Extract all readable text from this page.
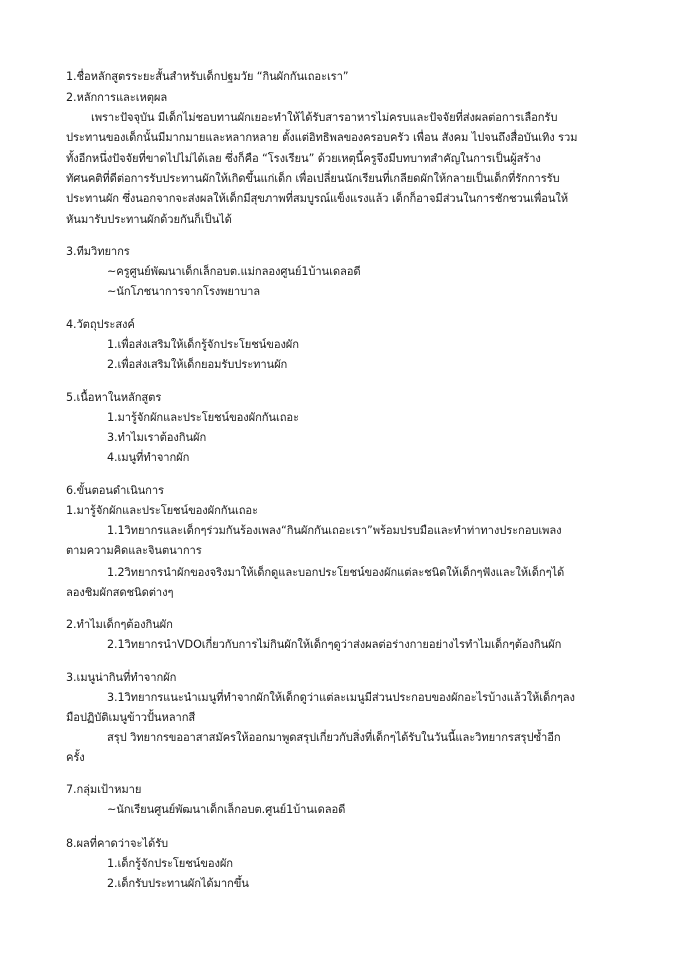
1.ชื่อหลักสูตรระยะสั้นสำหรับเด็กปฐมวัย “กินผักกันเถอะเรา”
2.หลักการและเหตุผล
เพราะปัจจุบัน มีเด็กไม่ชอบทานผักเยอะทำให้ได้รับสารอาหารไม่ครบและปัจจัยที่ส่งผลต่อการเลือกรับ
ประทานของเด็กนั้นมีมากมายและหลากหลาย ตั้งแต่อิทธิพลของครอบครัว เพื่อน สังคม ไปจนถึงสื่อบันเทิง รวม
ทั้งอีกหนึ่งปัจจัยที่ขาดไปไม่ได้เลย ซึ่งก็คือ “โรงเรียน” ด้วยเหตุนี้ครูจึงมีบทบาทสำคัญในการเป็นผู้สร้าง
ทัศนคติที่ดีต่อการรับประทานผักให้เกิดขึ้นแก่เด็ก เพื่อเปลี่ยนนักเรียนที่เกลียดผักให้กลายเป็นเด็กที่รักการรับ
ประทานผัก ซึ่งนอกจากจะส่งผลให้เด็กมีสุขภาพที่สมบูรณ์แข็งแรงแล้ว เด็กก็อาจมีส่วนในการชักชวนเพื่อนให้
หันมารับประทานผักด้วยกันก็เป็นได้
3.ทีมวิทยากร
~ครูศูนย์พัฒนาเด็กเล็กอบต.แม่กลองศูนย์1บ้านเดลอดี
~นักโภชนาการจากโรงพยาบาล
4.วัตถุประสงค์
1.เพื่อส่งเสริมให้เด็กรู้จักประโยชน์ของผัก
2.เพื่อส่งเสริมให้เด็กยอมรับประทานผัก
5.เนื้อหาในหลักสูตร
1.มารู้จักผักและประโยชน์ของผักกันเถอะ
3.ทำไมเราต้องกินผัก
4.เมนูที่ทำจากผัก
6.ขั้นตอนดำเนินการ
1.มารู้จักผักและประโยชน์ของผักกันเถอะ
1.1วิทยากรและเด็กๆร่วมกันร้องเพลง“กินผักกันเถอะเรา”พร้อมปรบมือและทำท่าทางประกอบเพลง
ตามความคิดและจินตนาการ
1.2วิทยากรนำผักของจริงมาให้เด็กดูและบอกประโยชน์ของผักแต่ละชนิดให้เด็กๆฟังและให้เด็กๆได้
ลองชิมผักสดชนิดต่างๆ
2.ทำไมเด็กๆต้องกินผัก
2.1วิทยากรนำVDOเกี่ยวกับการไม่กินผักให้เด็กๆดูว่าส่งผลต่อร่างกายอย่างไรทำไมเด็กๆต้องกินผัก
3.เมนูน่ากินที่ทำจากผัก
3.1วิทยากรแนะนำเมนูที่ทำจากผักให้เด็กดูว่าแต่ละเมนูมีส่วนประกอบของผักอะไรบ้างแล้วให้เด็กๆลง
มือปฏิบัติเมนูข้าวปั้นหลากสี
สรุป วิทยากรขออาสาสมัครให้ออกมาพูดสรุปเกี่ยวกับสิ่งที่เด็กๆได้รับในวันนี้และวิทยากรสรุปซ้ำอีก
ครั้ง
7.กลุ่มเป้าหมาย
~นักเรียนศูนย์พัฒนาเด็กเล็กอบต.ศูนย์1บ้านเดลอดี
8.ผลที่คาดว่าจะได้รับ
1.เด็กรู้จักประโยชน์ของผัก
2.เด็กรับประทานผักได้มากขึ้น
